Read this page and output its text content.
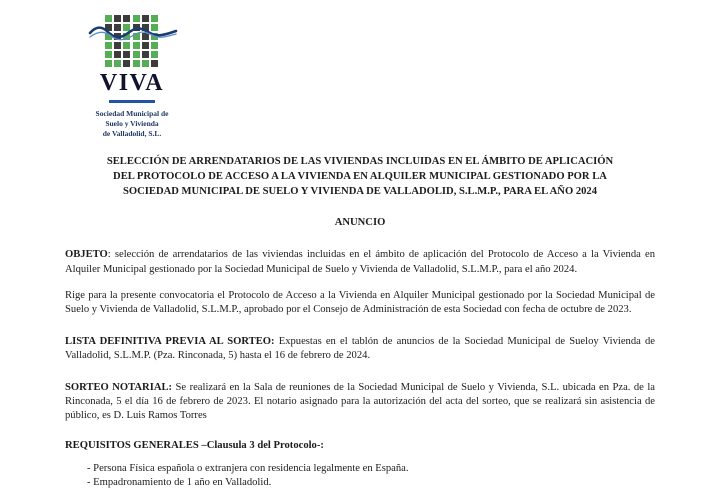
VIVA
Sociedad Municipal de
Suelo y Vivienda
de Valladolid, S.L.
SELECCIÓN DE ARRENDATARIOS DE LAS VIVIENDAS INCLUIDAS EN EL ÁMBITO DE APLICACIÓN DEL PROTOCOLO DE ACCESO A LA VIVIENDA EN ALQUILER MUNICIPAL GESTIONADO POR LA SOCIEDAD MUNICIPAL DE SUELO Y VIVIENDA DE VALLADOLID, S.L.M.P., PARA EL AÑO 2024
ANUNCIO
OBJETO: selección de arrendatarios de las viviendas incluidas en el ámbito de aplicación del Protocolo de Acceso a la Vivienda en Alquiler Municipal gestionado por la Sociedad Municipal de Suelo y Vivienda de Valladolid, S.L.M.P., para el año 2024.
Rige para la presente convocatoria el Protocolo de Acceso a la Vivienda en Alquiler Municipal gestionado por la Sociedad Municipal de Suelo y Vivienda de Valladolid, S.L.M.P., aprobado por el Consejo de Administración de esta Sociedad con fecha de octubre de 2023.
LISTA DEFINITIVA PREVIA AL SORTEO: Expuestas en el tablón de anuncios de la Sociedad Municipal de Sueloy Vivienda de Valladolid, S.L.M.P. (Pza. Rinconada, 5) hasta el 16 de febrero de 2024.
SORTEO NOTARIAL: Se realizará en la Sala de reuniones de la Sociedad Municipal de Suelo y Vivienda, S.L. ubicada en Pza. de la Rinconada, 5 el día 16 de febrero de 2023. El notario asignado para la autorización del acta del sorteo, que se realizará sin asistencia de público, es D. Luis Ramos Torres
REQUISITOS GENERALES –Clausula 3 del Protocolo-:
- Persona Física española o extranjera con residencia legalmente en España.
- Empadronamiento de 1 año en Valladolid.
